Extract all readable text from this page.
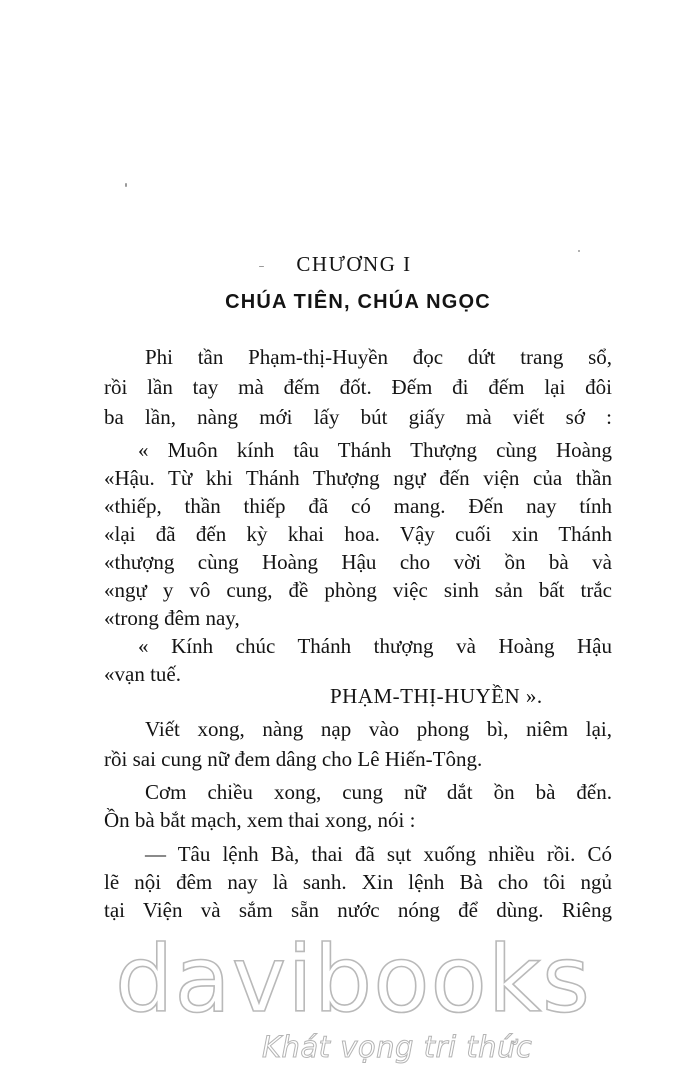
CHƯƠNG I
CHÚA TIÊN, CHÚA NGỌC
Phi tần Phạm-thị-Huyền đọc dứt trang sổ,
rồi lần tay mà đếm đốt. Đếm đi đếm lại đôi
ba lần, nàng mới lấy bút giấy mà viết sớ :
« Muôn kính tâu Thánh Thượng cùng Hoàng
«Hậu. Từ khi Thánh Thượng ngự đến viện của thần
«thiếp, thần thiếp đã có mang. Đến nay tính
«lại đã đến kỳ khai hoa. Vậy cuối xin Thánh
«thượng cùng Hoàng Hậu cho vời ồn bà và
«ngự y vô cung, đề phòng việc sinh sản bất trắc
«trong đêm nay,
« Kính chúc Thánh thượng và Hoàng Hậu
«vạn tuế.
PHẠM-THỊ-HUYỀN ».
Viết xong, nàng nạp vào phong bì, niêm lại,
rồi sai cung nữ đem dâng cho Lê Hiến-Tông.
Cơm chiều xong, cung nữ dắt ồn bà đến.
Ồn bà bắt mạch, xem thai xong, nói :
— Tâu lệnh Bà, thai đã sụt xuống nhiều rồi. Có
lẽ nội đêm nay là sanh. Xin lệnh Bà cho tôi ngủ
tại Viện và sắm sẵn nước nóng để dùng. Riêng
davibooks
Khát vọng tri thức
